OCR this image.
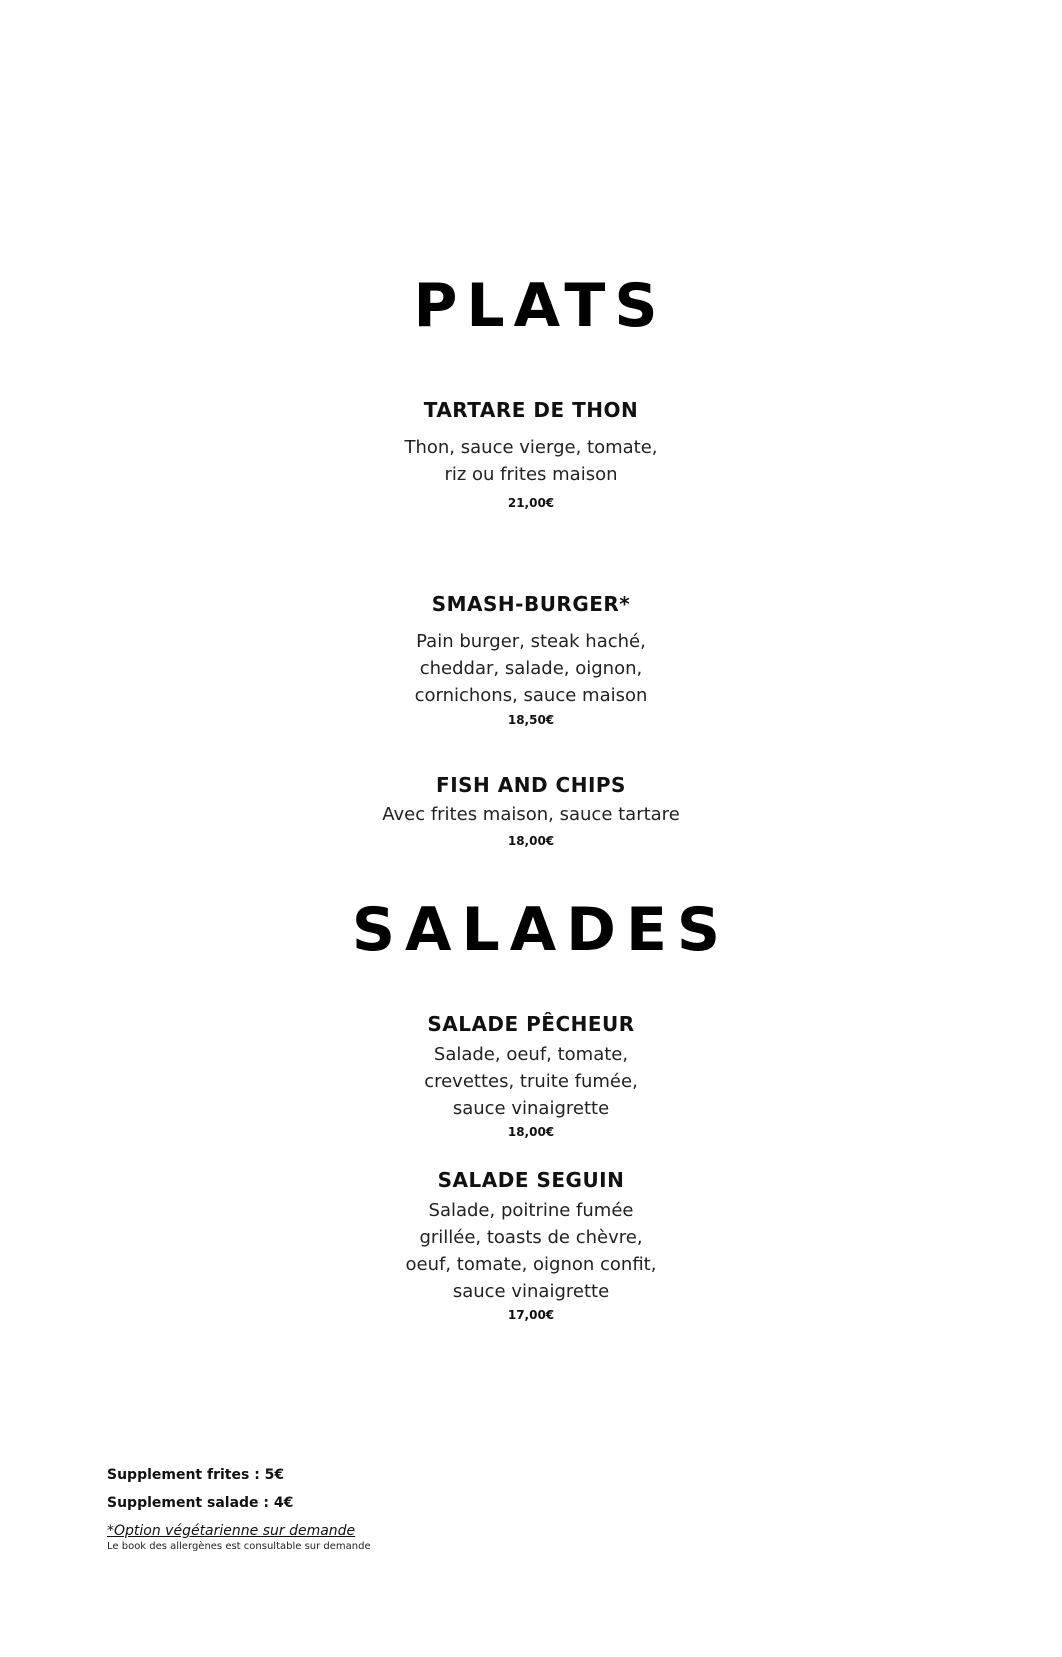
PLATS

TARTARE DE THON

Thon, sauce vierge, tomate, riz ou frites maison

21,00€

SMASH-BURGER*

Pain burger, steak haché, cheddar, salade, oignon, cornichons, sauce maison

18,50€

FISH AND CHIPS

Avec frites maison, sauce tartare

18,00€

SALADES

SALADE PÊCHEUR

Salade, oeuf, tomate, crevettes, truite fumée, sauce vinaigrette

18,00€

SALADE SEGUIN

Salade, poitrine fumée grillée, toasts de chèvre, oeuf, tomate, oignon confit, sauce vinaigrette

17,00€

Supplement frites : 5€

Supplement salade : 4€

*Option végétarienne sur demande

Le book des allergènes est consultable sur demande
